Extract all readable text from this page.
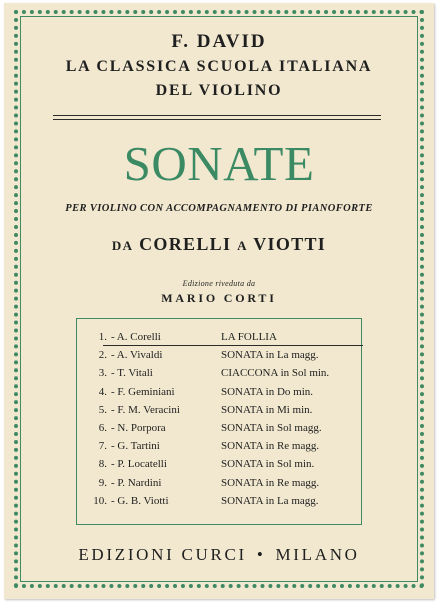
F. DAVID
LA CLASSICA SCUOLA ITALIANA
DEL VIOLINO
SONATE
PER VIOLINO CON ACCOMPAGNAMENTO DI PIANOFORTE
DA CORELLI A VIOTTI
Edizione riveduta da
MARIO CORTI
1. - A. Corelli	LA FOLLIA
2. - A. Vivaldi	SONATA in La magg.
3. - T. Vitali	CIACCONA in Sol min.
4. - F. Geminiani	SONATA in Do min.
5. - F. M. Veracini	SONATA in Mi min.
6. - N. Porpora	SONATA in Sol magg.
7. - G. Tartini	SONATA in Re magg.
8. - P. Locatelli	SONATA in Sol min.
9. - P. Nardini	SONATA in Re magg.
10. - G. B. Viotti	SONATA in La magg.
EDIZIONI CURCI • MILANO
